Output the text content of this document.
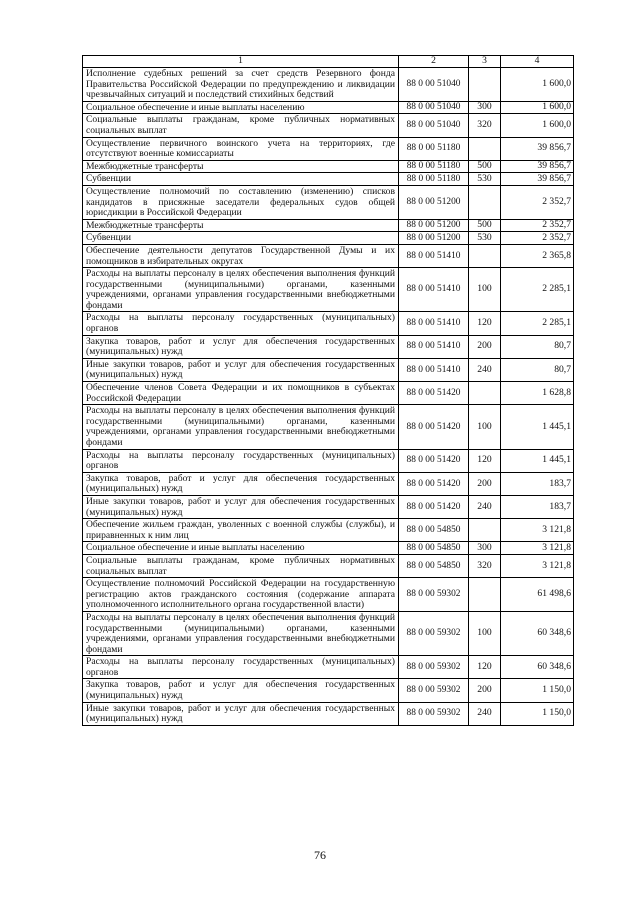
1	2	3	4
Исполнение судебных решений за счет средств Резервного фонда Правительства Российской Федерации по предупреждению и ликвидации чрезвычайных ситуаций и последствий стихийных бедствий	88 0 00 51040		1 600,0
Социальное обеспечение и иные выплаты населению	88 0 00 51040	300	1 600,0
Социальные выплаты гражданам, кроме публичных нормативных социальных выплат	88 0 00 51040	320	1 600,0
Осуществление первичного воинского учета на территориях, где отсутствуют военные комиссариаты	88 0 00 51180		39 856,7
Межбюджетные трансферты	88 0 00 51180	500	39 856,7
Субвенции	88 0 00 51180	530	39 856,7
Осуществление полномочий по составлению (изменению) списков кандидатов в присяжные заседатели федеральных судов общей юрисдикции в Российской Федерации	88 0 00 51200		2 352,7
Межбюджетные трансферты	88 0 00 51200	500	2 352,7
Субвенции	88 0 00 51200	530	2 352,7
Обеспечение деятельности депутатов Государственной Думы и их помощников в избирательных округах	88 0 00 51410		2 365,8
Расходы на выплаты персоналу в целях обеспечения выполнения функций государственными (муниципальными) органами, казенными учреждениями, органами управления государственными внебюджетными фондами	88 0 00 51410	100	2 285,1
Расходы на выплаты персоналу государственных (муниципальных) органов	88 0 00 51410	120	2 285,1
Закупка товаров, работ и услуг для обеспечения государственных (муниципальных) нужд	88 0 00 51410	200	80,7
Иные закупки товаров, работ и услуг для обеспечения государственных (муниципальных) нужд	88 0 00 51410	240	80,7
Обеспечение членов Совета Федерации и их помощников в субъектах Российской Федерации	88 0 00 51420		1 628,8
Расходы на выплаты персоналу в целях обеспечения выполнения функций государственными (муниципальными) органами, казенными учреждениями, органами управления государственными внебюджетными фондами	88 0 00 51420	100	1 445,1
Расходы на выплаты персоналу государственных (муниципальных) органов	88 0 00 51420	120	1 445,1
Закупка товаров, работ и услуг для обеспечения государственных (муниципальных) нужд	88 0 00 51420	200	183,7
Иные закупки товаров, работ и услуг для обеспечения государственных (муниципальных) нужд	88 0 00 51420	240	183,7
Обеспечение жильем граждан, уволенных с военной службы (службы), и приравненных к ним лиц	88 0 00 54850		3 121,8
Социальное обеспечение и иные выплаты населению	88 0 00 54850	300	3 121,8
Социальные выплаты гражданам, кроме публичных нормативных социальных выплат	88 0 00 54850	320	3 121,8
Осуществление полномочий Российской Федерации на государственную регистрацию актов гражданского состояния (содержание аппарата уполномоченного исполнительного органа государственной власти)	88 0 00 59302		61 498,6
Расходы на выплаты персоналу в целях обеспечения выполнения функций государственными (муниципальными) органами, казенными учреждениями, органами управления государственными внебюджетными фондами	88 0 00 59302	100	60 348,6
Расходы на выплаты персоналу государственных (муниципальных) органов	88 0 00 59302	120	60 348,6
Закупка товаров, работ и услуг для обеспечения государственных (муниципальных) нужд	88 0 00 59302	200	1 150,0
Иные закупки товаров, работ и услуг для обеспечения государственных (муниципальных) нужд	88 0 00 59302	240	1 150,0
76
